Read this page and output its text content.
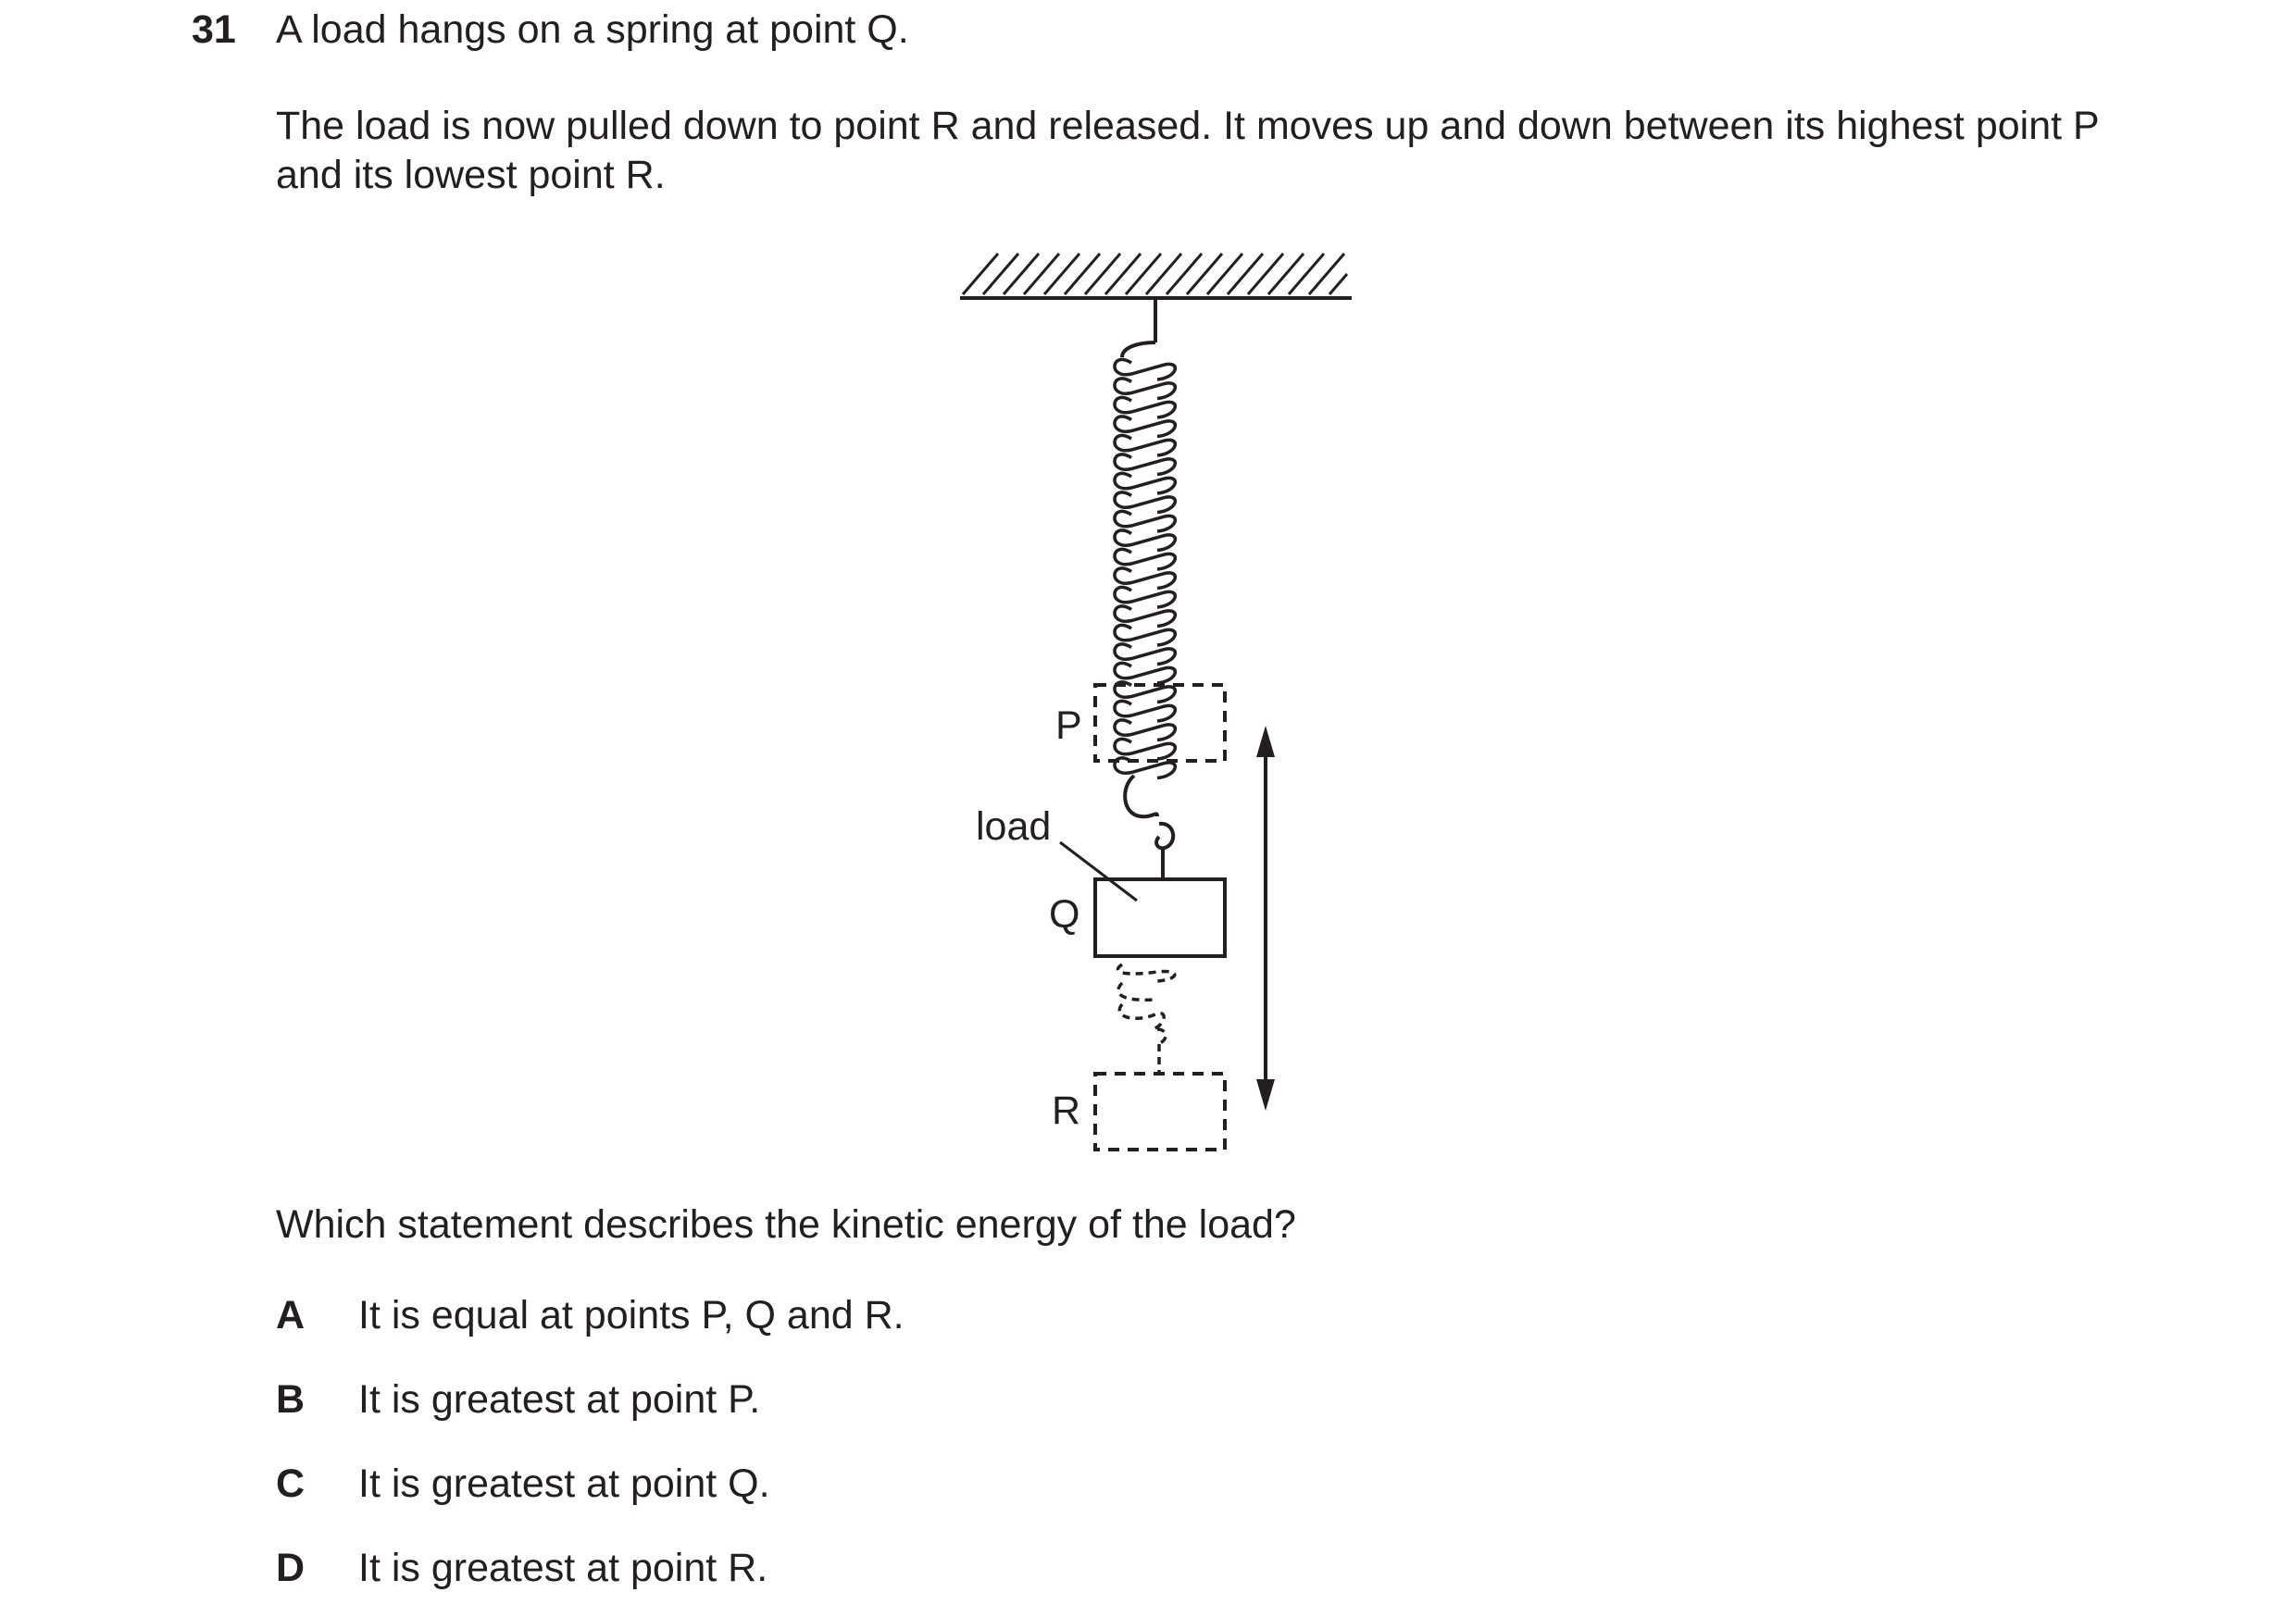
31 A load hangs on a spring at point Q.
The load is now pulled down to point R and released. It moves up and down between its highest point P and its lowest point R.
P
load
Q
R
Which statement describes the kinetic energy of the load?
A	It is equal at points P, Q and R.
B	It is greatest at point P.
C	It is greatest at point Q.
D	It is greatest at point R.
